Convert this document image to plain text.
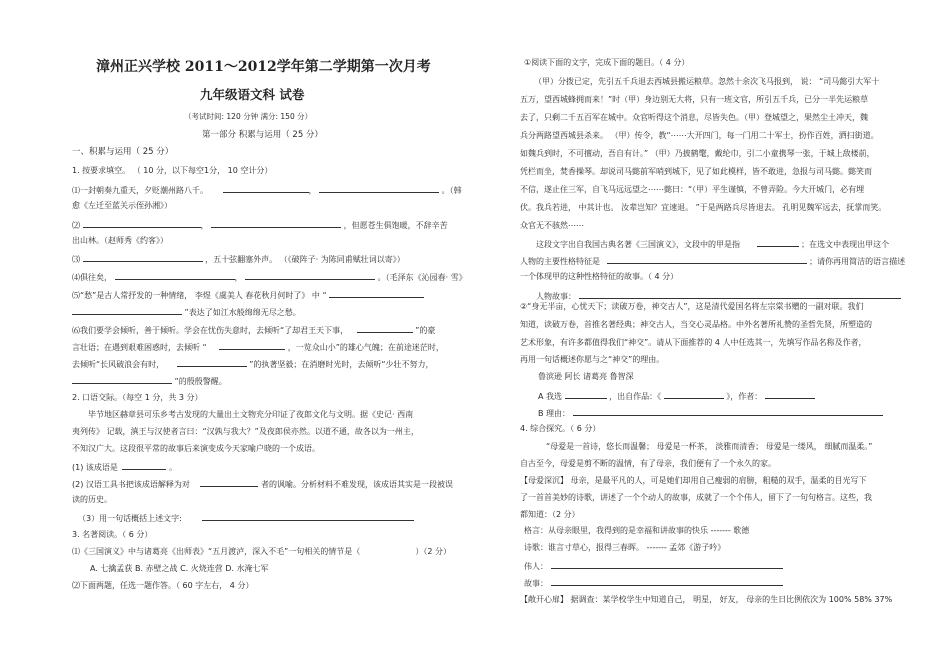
漳州正兴学校 2011～2012学年第二学期第一次月考
九年级语文科 试卷
（考试时间: 120 分钟 满分: 150 分）
第一部分 积累与运用（ 25 分）
一、积累与运用（ 25 分）
1. 按要求填空。 （ 10 分，以下每空1分， 10 空计分）
⑴一封朝奏九重天，夕贬潮州路八千。	，	。（韩
愈《左迁至蓝关示侄孙湘》）
⑵	，	，但愿苍生俱饱暖，不辞辛苦
出山林。（赵师秀《约客》）
⑶	，五十弦翻塞外声。 （《破阵子· 为陈同甫赋壮词以寄》）
⑷俱往矣，	，	。（毛泽东《沁园春· 雪》
⑸“愁”是古人常抒发的一种情绪， 李煜《虞美人 春花秋月何时了》 中 “
”表达了如江水般绵绵无尽之愁。
⑹我们要学会倾听，善于倾听。学会在忧伤失意时，去倾听“了却君王天下事，	”的豪
言壮语；在遇到艰难困惑时，去倾听 “	，一览众山小”的雄心气魄；在前途迷茫时，
去倾听“长风破浪会有时，	”的执著坚毅；在消磨时光时，去倾听“少壮不努力，
”的殷殷警醒。
2. 口语交际。（每空 1 分，共 3 分）
毕节地区赫章县可乐乡考古发现的大量出土文物充分印证了夜郎文化与文明。据《史记· 西南
夷列传》 记载，滇王与汉使者言曰：“汉孰与我大？”及夜郎侯亦然。以道不通，故各以为一州主，
不知汉广大。这段很平常的故事后来演变成今天家喻户晓的一个成语。
(1) 该成语是	。
(2) 汉语工具书把该成语解释为对	者的讽喻。分析材料不难发现，该成语其实是一段被误
读的历史。
（3）用一句话概括上述文字:
3. 名著阅读。（ 6 分）
⑴《三国演义》中与诸葛亮《出师表》“五月渡泸，深入不毛”一句相关的情节是（	）（2 分）
A. 七擒孟获 B. 赤壁之战 C. 火烧连营 D. 水淹七军
⑵下面两题，任选一题作答。（ 60 字左右， 4 分）
①阅读下面的文字，完成下面的题目。（ 4 分）
（甲）分拨已定，先引五千兵退去西城县搬运粮草。忽然十余次飞马报到， 说： “司马懿引大军十
五万，望西城蜂拥而来！”时（甲）身边别无大将，只有一班文官，所引五千兵，已分一半先运粮草
去了，只剩二千五百军在城中。众官听得这个消息，尽皆失色。（甲）登城望之，果然尘土冲天，魏
兵分两路望西城县杀来。 （甲）传令，教“⋯⋯大开四门，每一门用二十军士，扮作百姓，洒扫街道。
如魏兵到时，不可擅动，吾自有计。” （甲）乃披鹤氅，戴纶巾，引二小童携琴一张，于城上敌楼前，
凭栏而坐，焚香操琴。却说司马懿前军哨到城下，见了如此模样，皆不敢进，急报与司马懿。懿笑而
不信，遂止住三军，自飞马远远望之⋯⋯懿曰：“（甲）平生谨慎，不曾弄险。今大开城门，必有埋
伏。我兵若进， 中其计也。 汝辈岂知？宜速退。 ”于是两路兵尽皆退去。 孔明见魏军远去，抚掌而笑。
众官无不骇然⋯⋯
这段文字出自我国古典名著《三国演义》，文段中的甲是指	；在选文中表现出甲这个
人物的主要性格特征是	；请你再用简洁的语言描述
一个体现甲的这种性格特征的故事。（ 4 分）
人物故事：
②“身无半亩，心忧天下；读破万卷，神交古人”，这是清代爱国名将左宗棠书赠的一副对联。我们
知道，读破万卷，首推名著经典；神交古人，当交心灵品格。中外名著所礼赞的圣哲先贤，所塑造的
艺术形象，有许多都值得我们“神交”。请从下面推荐的 4 人中任选其一，先填写作品名称及作者，
再用一句话概述你愿与之“神交”的理由。
鲁滨逊 阿长 诸葛亮 鲁智深
A 我选	，出自作品：《	》，作者：
B 理由：
4. 综合探究。（ 6 分）
“母爱是一首诗，悠长而温馨； 母爱是一杯茶， 淡雅而清香； 母爱是一缕风， 细腻而温柔。”
自古至今，母爱是剪不断的温情，有了母亲，我们便有了一个永久的家。
【母爱深沉】 母亲，是最平凡的人，可是她们却用自己瘦弱的肩膀，粗糙的双手，温柔的目光写下
了一首首美妙的诗歌，讲述了一个个动人的故事，成就了一个个伟人，留下了一句句格言。这些，我
都知道：（2 分）
格言：从母亲眼里，我得到的是幸福和讲故事的快乐 ------- 歌德
诗歌：谁言寸草心，报得三春晖。 ------- 孟郊《游子吟》
伟人：
故事：
【敞开心扉】 据调查：某学校学生中知道自己， 明星， 好友， 母亲的生日比例依次为 100% 58% 37%
